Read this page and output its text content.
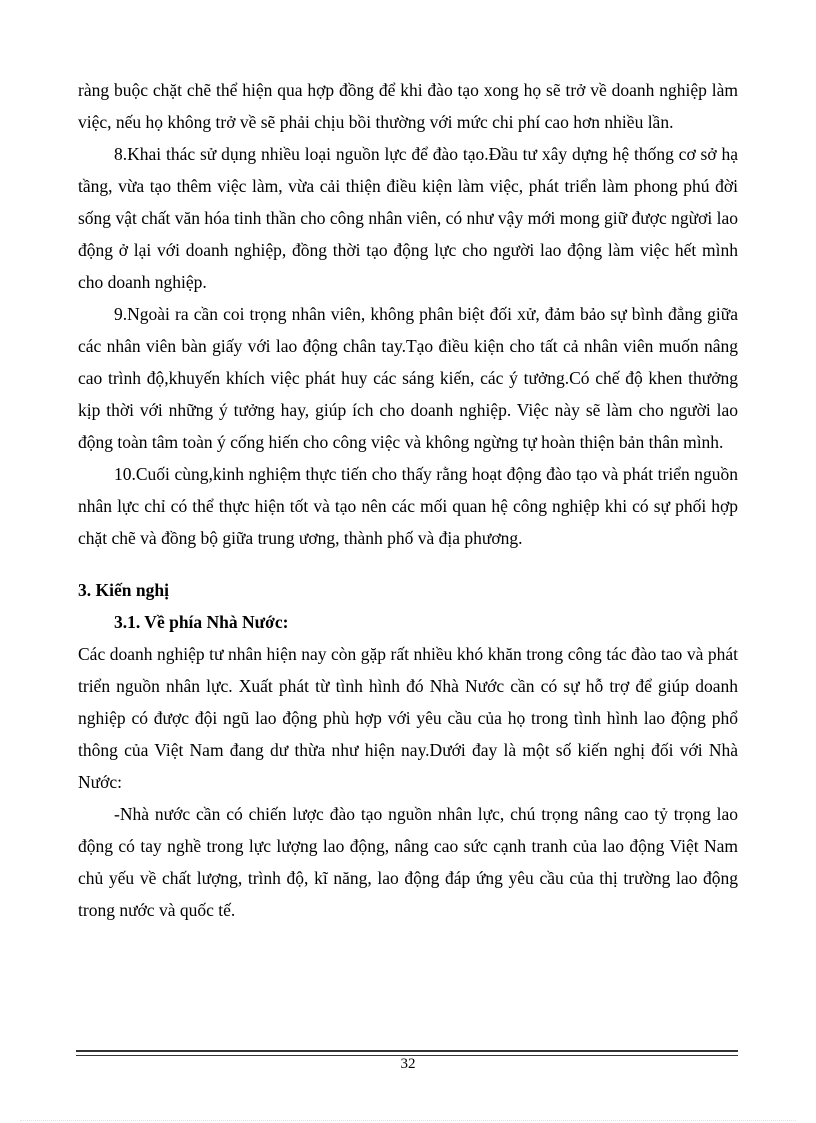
ràng buộc chặt chẽ thể hiện qua hợp đồng để khi đào tạo xong họ sẽ trở về doanh nghiệp làm việc, nếu họ không trở về sẽ phải chịu bồi thường với mức chi phí cao hơn nhiều lần.

8.Khai thác sử dụng nhiều loại nguồn lực để đào tạo.Đầu tư xây dựng hệ thống cơ sở hạ tầng, vừa tạo thêm việc làm, vừa cải thiện điều kiện làm việc, phát triển làm phong phú đời sống vật chất văn hóa tinh thần cho công nhân viên, có như vậy mới mong giữ được ngừơi lao động ở lại với doanh nghiệp, đồng thời tạo động lực cho người lao động làm việc hết mình cho doanh nghiệp.

9.Ngoài ra cần coi trọng nhân viên, không phân biệt đối xử, đảm bảo sự bình đẳng giữa các nhân viên bàn giấy với lao động chân tay.Tạo điều kiện cho tất cả nhân viên muốn nâng cao trình độ,khuyến khích việc phát huy các sáng kiến, các ý tưởng.Có chế độ khen thưởng kịp thời với những ý tưởng hay, giúp ích cho doanh nghiệp. Việc này sẽ làm cho người lao động toàn tâm toàn ý cống hiến cho công việc và không ngừng tự hoàn thiện bản thân mình.

10.Cuối cùng,kinh nghiệm thực tiến cho thấy rằng hoạt động đào tạo và phát triển nguồn nhân lực chỉ có thể thực hiện tốt và tạo nên các mối quan hệ công nghiệp khi có sự phối hợp chặt chẽ và đồng bộ giữa trung ương, thành phố và địa phương.

3. Kiến nghị

3.1. Về phía Nhà Nước:

Các doanh nghiệp tư nhân hiện nay còn gặp rất nhiều khó khăn trong công tác đào tao và phát triển nguồn nhân lực. Xuất phát từ tình hình đó Nhà Nước cần có sự hỗ trợ để giúp doanh nghiệp có được đội ngũ lao động phù hợp với yêu cầu của họ trong tình hình lao động phổ thông của Việt Nam đang dư thừa như hiện nay.Dưới đay là một số kiến nghị đối với Nhà Nước:

-Nhà nước cần có chiến lược đào tạo nguồn nhân lực, chú trọng nâng cao tỷ trọng lao động có tay nghề trong lực lượng lao động, nâng cao sức cạnh tranh của lao động Việt Nam chủ yếu về chất lượng, trình độ, kĩ năng, lao động đáp ứng yêu cầu của thị trường lao động trong nước và quốc tế.

32
